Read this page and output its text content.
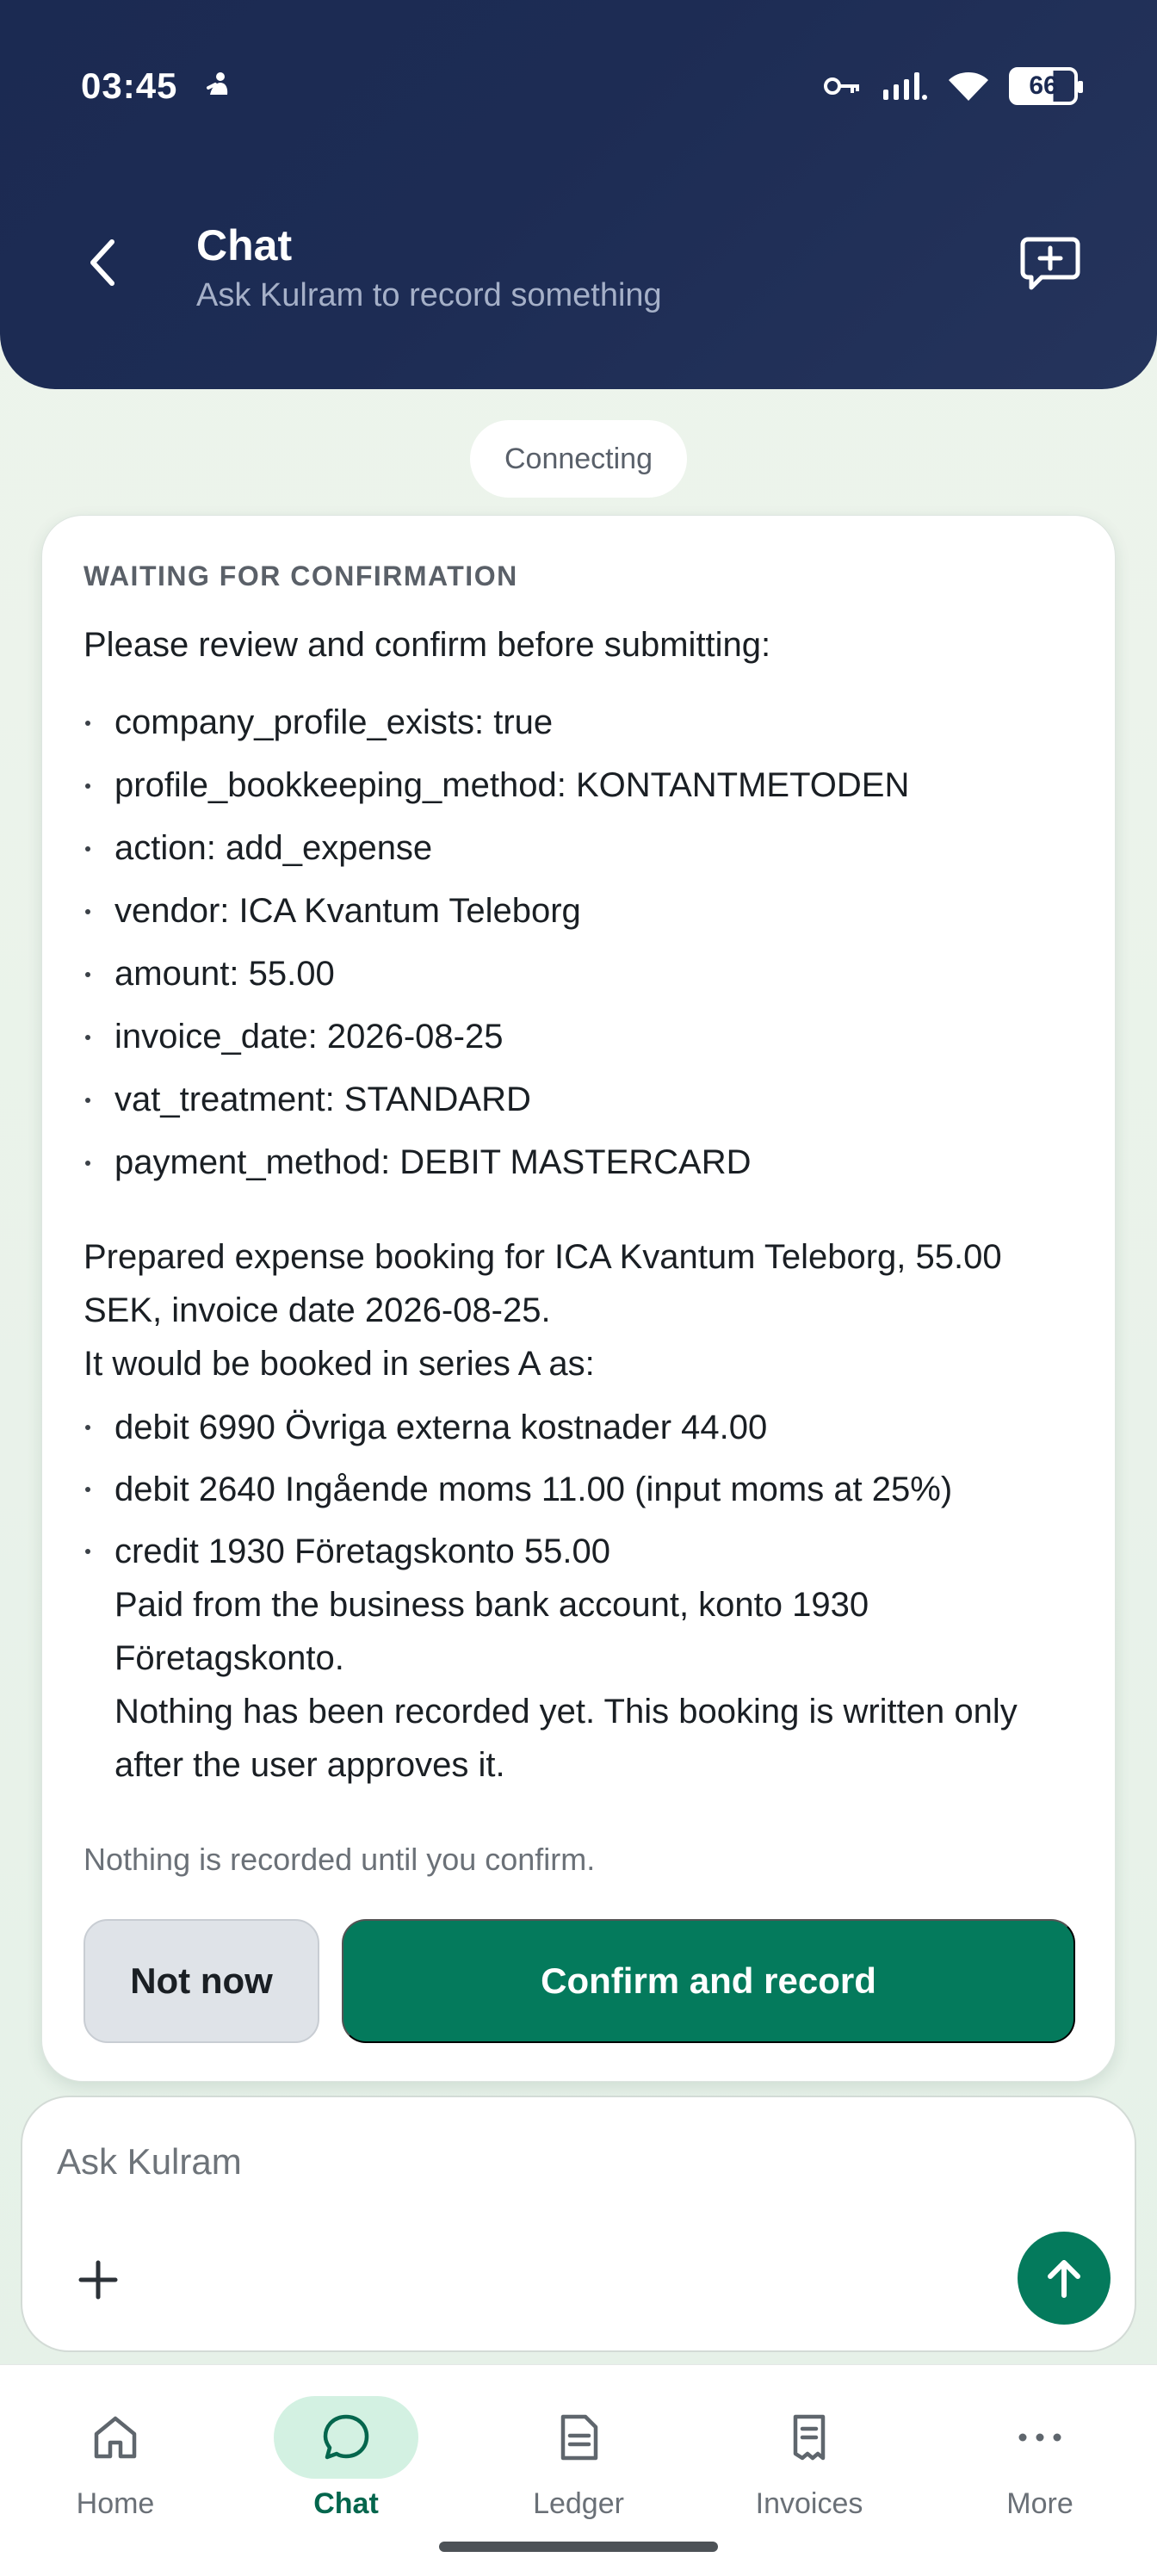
03:45	66
Chat
Ask Kulram to record something
Connecting
WAITING FOR CONFIRMATION
Please review and confirm before submitting:
company_profile_exists: true
profile_bookkeeping_method: KONTANTMETODEN
action: add_expense
vendor: ICA Kvantum Teleborg
amount: 55.00
invoice_date: 2026-08-25
vat_treatment: STANDARD
payment_method: DEBIT MASTERCARD
Prepared expense booking for ICA Kvantum Teleborg, 55.00 SEK, invoice date 2026-08-25.
It would be booked in series A as:
debit 6990 Övriga externa kostnader 44.00
debit 2640 Ingående moms 11.00 (input moms at 25%)
credit 1930 Företagskonto 55.00
Paid from the business bank account, konto 1930 Företagskonto.
Nothing has been recorded yet. This booking is written only after the user approves it.
Nothing is recorded until you confirm.
Not now	Confirm and record
Ask Kulram
Home	Chat	Ledger	Invoices	More
